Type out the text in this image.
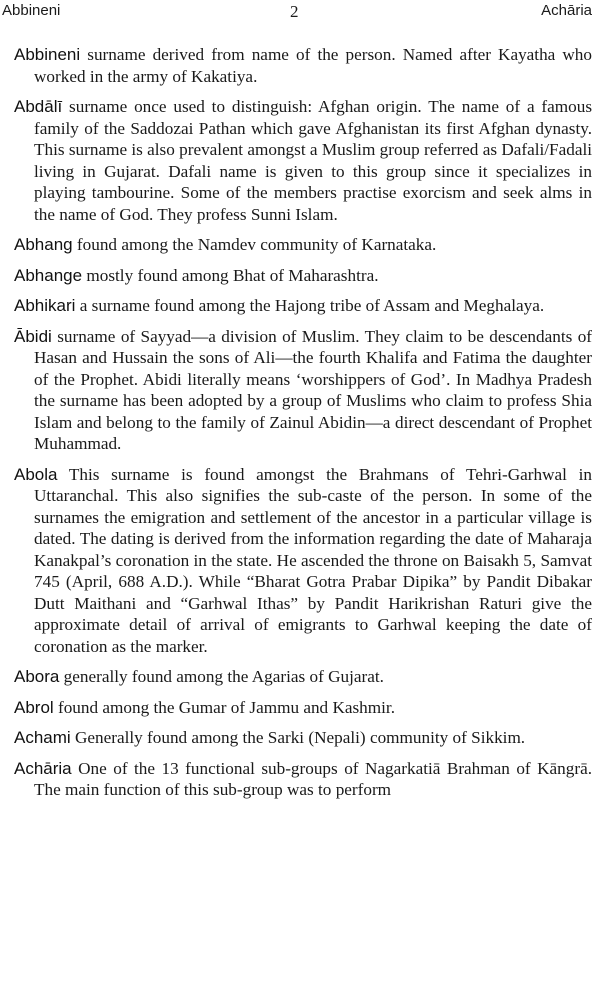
Abbineni	2	Achāria

Abbineni surname derived from name of the person. Named after Kayatha who worked in the army of Kakatiya.

Abdālī surname once used to distinguish: Afghan origin. The name of a famous family of the Saddozai Pathan which gave Afghanistan its first Afghan dynasty. This surname is also prevalent amongst a Muslim group referred as Dafali/Fadali living in Gujarat. Dafali name is given to this group since it specializes in playing tambourine. Some of the members practise exorcism and seek alms in the name of God. They profess Sunni Islam.

Abhang found among the Namdev community of Karnataka.

Abhange mostly found among Bhat of Maharashtra.

Abhikari a surname found among the Hajong tribe of Assam and Meghalaya.

Ābidi surname of Sayyad—a division of Muslim. They claim to be descendants of Hasan and Hussain the sons of Ali—the fourth Khalifa and Fatima the daughter of the Prophet. Abidi literally means ‘worshippers of God’. In Madhya Pradesh the surname has been adopted by a group of Muslims who claim to profess Shia Islam and belong to the family of Zainul Abidin—a direct descendant of Prophet Muhammad.

Abola This surname is found amongst the Brahmans of Tehri-Garhwal in Uttaranchal. This also signifies the sub-caste of the person. In some of the surnames the emigration and settlement of the ancestor in a particular village is dated. The dating is derived from the information regarding the date of Maharaja Kanakpal’s coronation in the state. He ascended the throne on Baisakh 5, Samvat 745 (April, 688 A.D.). While “Bharat Gotra Prabar Dipika” by Pandit Dibakar Dutt Maithani and “Garhwal Ithas” by Pandit Harikrishan Raturi give the approximate detail of arrival of emigrants to Garhwal keeping the date of coronation as the marker.

Abora generally found among the Agarias of Gujarat.

Abrol found among the Gumar of Jammu and Kashmir.

Achami Generally found among the Sarki (Nepali) community of Sikkim.

Achāria One of the 13 functional sub-groups of Nagarkatiā Brahman of Kāngrā. The main function of this sub-group was to perform
